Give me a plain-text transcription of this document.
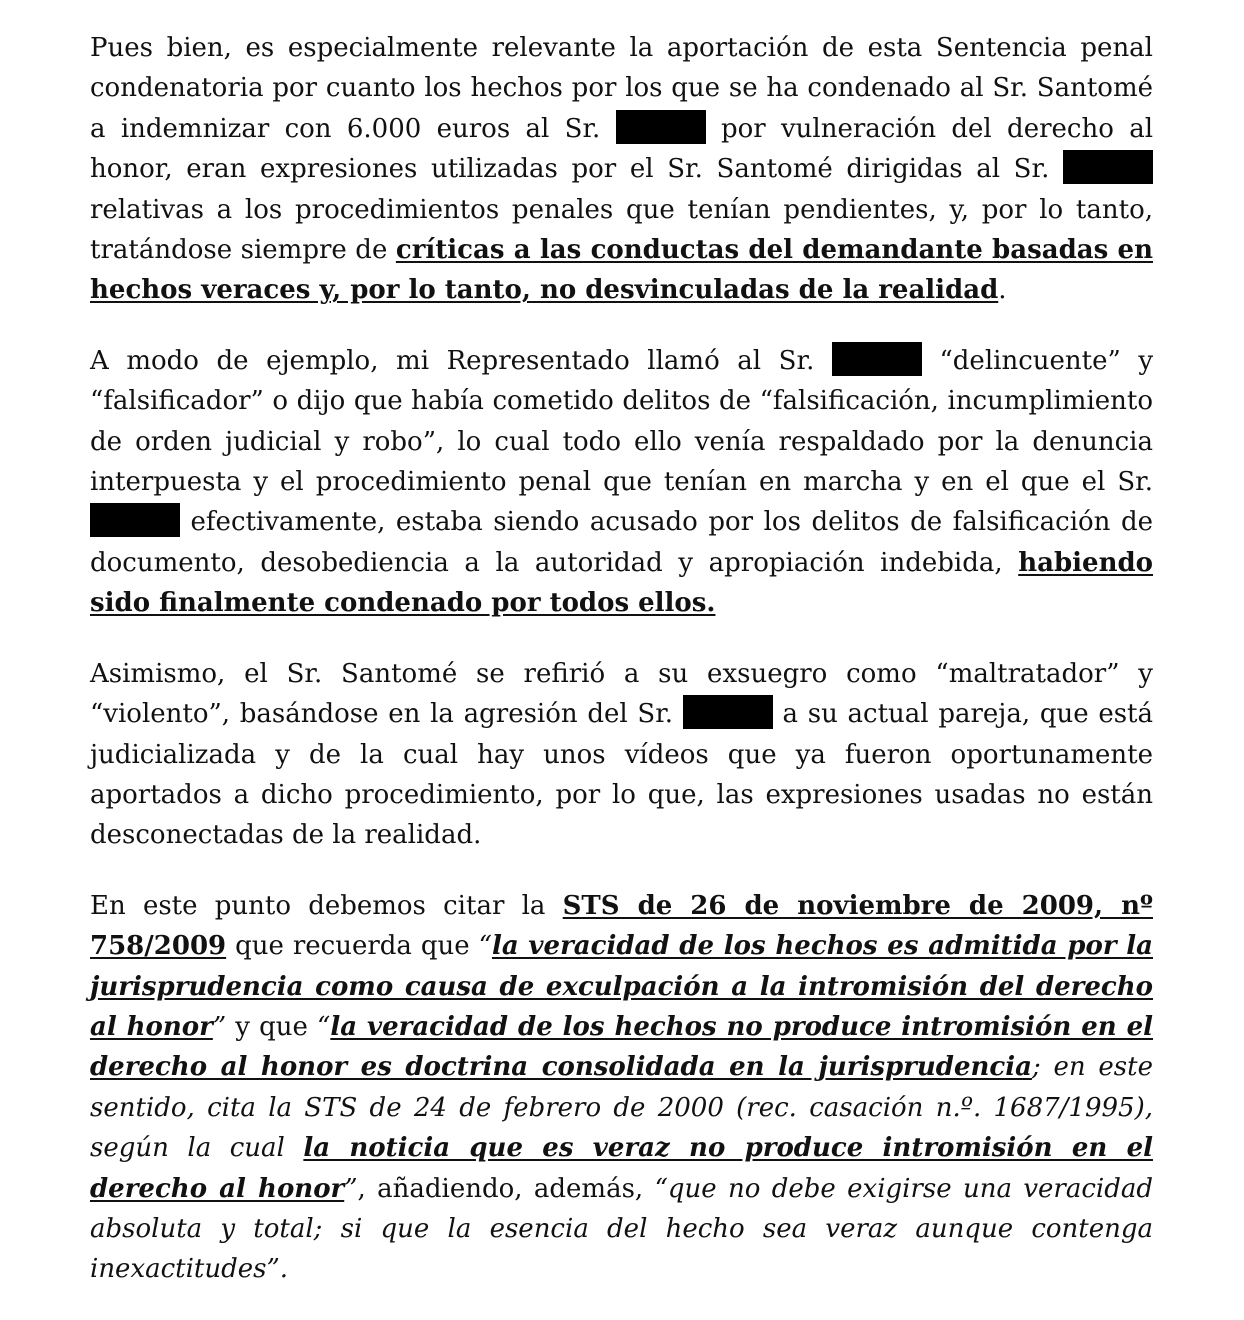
Pues bien, es especialmente relevante la aportación de esta Sentencia penal condenatoria por cuanto los hechos por los que se ha condenado al Sr. Santomé a indemnizar con 6.000 euros al Sr.	por vulneración del derecho al honor, eran expresiones utilizadas por el Sr. Santomé dirigidas al Sr.  relativas a los procedimientos penales que tenían pendientes, y, por lo tanto, tratándose siempre de críticas a las conductas del demandante basadas en hechos veraces y, por lo tanto, no desvinculadas de la realidad.

A modo de ejemplo, mi Representado llamó al Sr.	“delincuente” y “falsificador” o dijo que había cometido delitos de “falsificación, incumplimiento de orden judicial y robo”, lo cual todo ello venía respaldado por la denuncia interpuesta y el procedimiento penal que tenían en marcha y en el que el Sr.  efectivamente, estaba siendo acusado por los delitos de falsificación de documento, desobediencia a la autoridad y apropiación indebida, habiendo sido finalmente condenado por todos ellos.

Asimismo, el Sr. Santomé se refirió a su exsuegro como “maltratador” y “violento”, basándose en la agresión del Sr.	a su actual pareja, que está judicializada y de la cual hay unos vídeos que ya fueron oportunamente aportados a dicho procedimiento, por lo que, las expresiones usadas no están desconectadas de la realidad.

En este punto debemos citar la STS de 26 de noviembre de 2009, nº 758/2009 que recuerda que “la veracidad de los hechos es admitida por la jurisprudencia como causa de exculpación a la intromisión del derecho al honor” y que “la veracidad de los hechos no produce intromisión en el derecho al honor es doctrina consolidada en la jurisprudencia; en este sentido, cita la STS de 24 de febrero de 2000 (rec. casación n.º. 1687/1995), según la cual la noticia que es veraz no produce intromisión en el derecho al honor”, añadiendo, además, “que no debe exigirse una veracidad absoluta y total; si que la esencia del hecho sea veraz aunque contenga inexactitudes”.
